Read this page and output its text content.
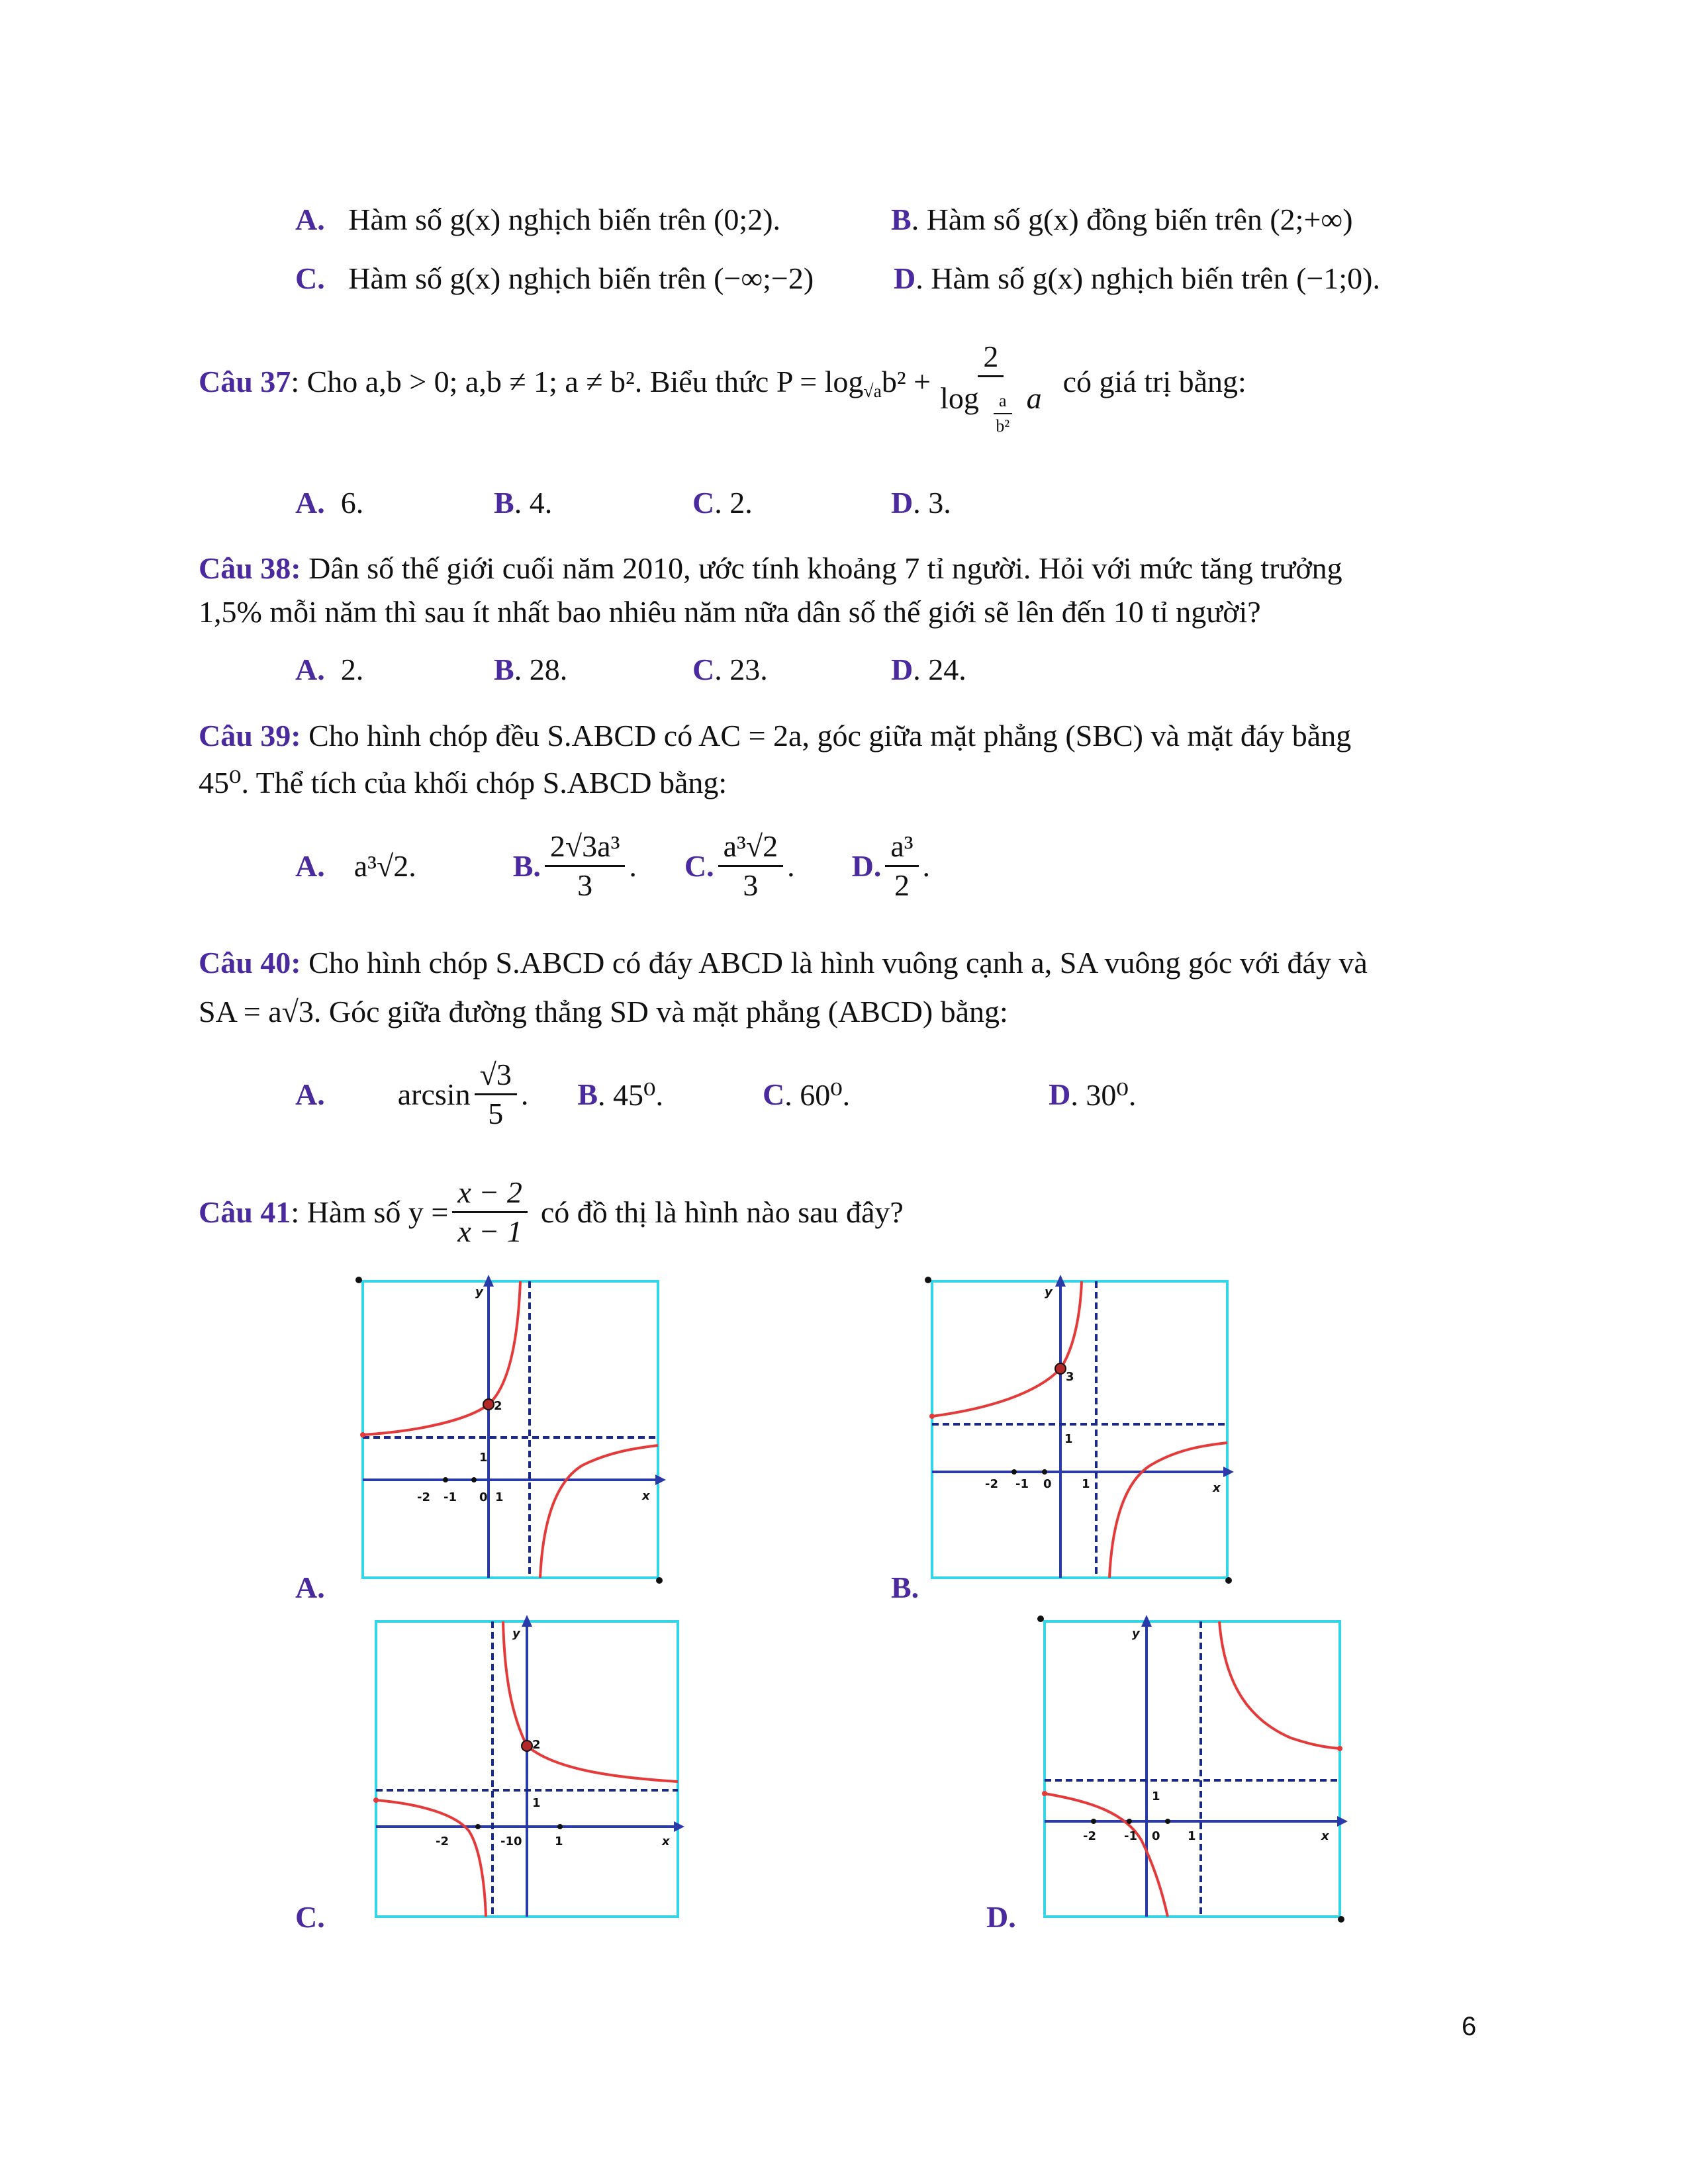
A. Hàm số g(x) nghịch biến trên (0;2).	B. Hàm số g(x) đồng biến trên (2;+∞)
C. Hàm số g(x) nghịch biến trên (−∞;−2)	D. Hàm số g(x) nghịch biến trên (−1;0).
Câu 37 : Cho a,b > 0; a,b ≠ 1; a ≠ b². Biểu thức $P = \log_{√a} b^2 + \frac{2}{\log \frac{a}{\text{b²}} a}$ có giá trị bằng:
A. 6.	B. 4.	C. 2.	D. 3.
Câu 38: Dân số thế giới cuối năm 2010, ước tính khoảng 7 tỉ người. Hỏi với mức tăng trưởng
1,5% mỗi năm thì sau ít nhất bao nhiêu năm nữa dân số thế giới sẽ lên đến 10 tỉ người?
A. 2.	B. 28.	C. 23.	D. 24.
Câu 39: Cho hình chóp đều S.ABCD có AC = 2a, góc giữa mặt phẳng (SBC) và mặt đáy bằng
45⁰. Thể tích của khối chóp S.ABCD bằng:
A. a³√2.	B. $\frac{\text{2√3a³}}{3}$ . C. $\frac{\text{a³√2}}{3}$ . D. $\frac{\text{a³}}{2}$ .
Câu 40: Cho hình chóp S.ABCD có đáy ABCD là hình vuông cạnh a, SA vuông góc với đáy và
SA = a√3. Góc giữa đường thẳng SD và mặt phẳng (ABCD) bằng:
A. $\arcsin \frac{√3}{5}$ . B . 45⁰.	C . 60⁰.	D . 30⁰.
Câu 41 : Hàm số $y = \frac{x - 2}{x - 1}$ có đồ thị là hình nào sau đây?
-2 -1 0 1
1
2
y
x
A.
-2 -1 0	1
1
3
y
x
B.
-2	-1 0	1
1
2
y
x
C.
-2 -1 0 1
1
y
x
D.
6
